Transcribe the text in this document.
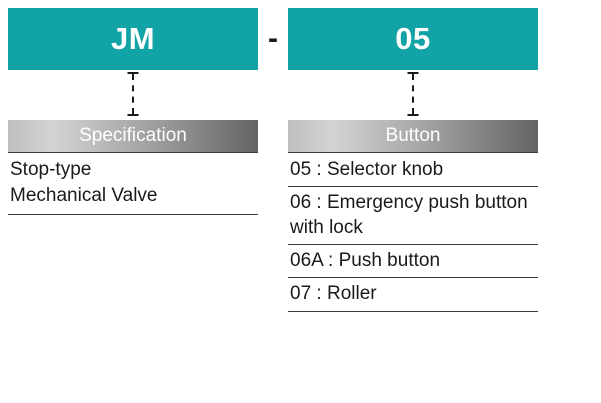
JM
Specification
Stop-type
Mechanical Valve
-	05
Button
05 : Selector knob
06 : Emergency push button with lock
06A : Push button
07 : Roller
